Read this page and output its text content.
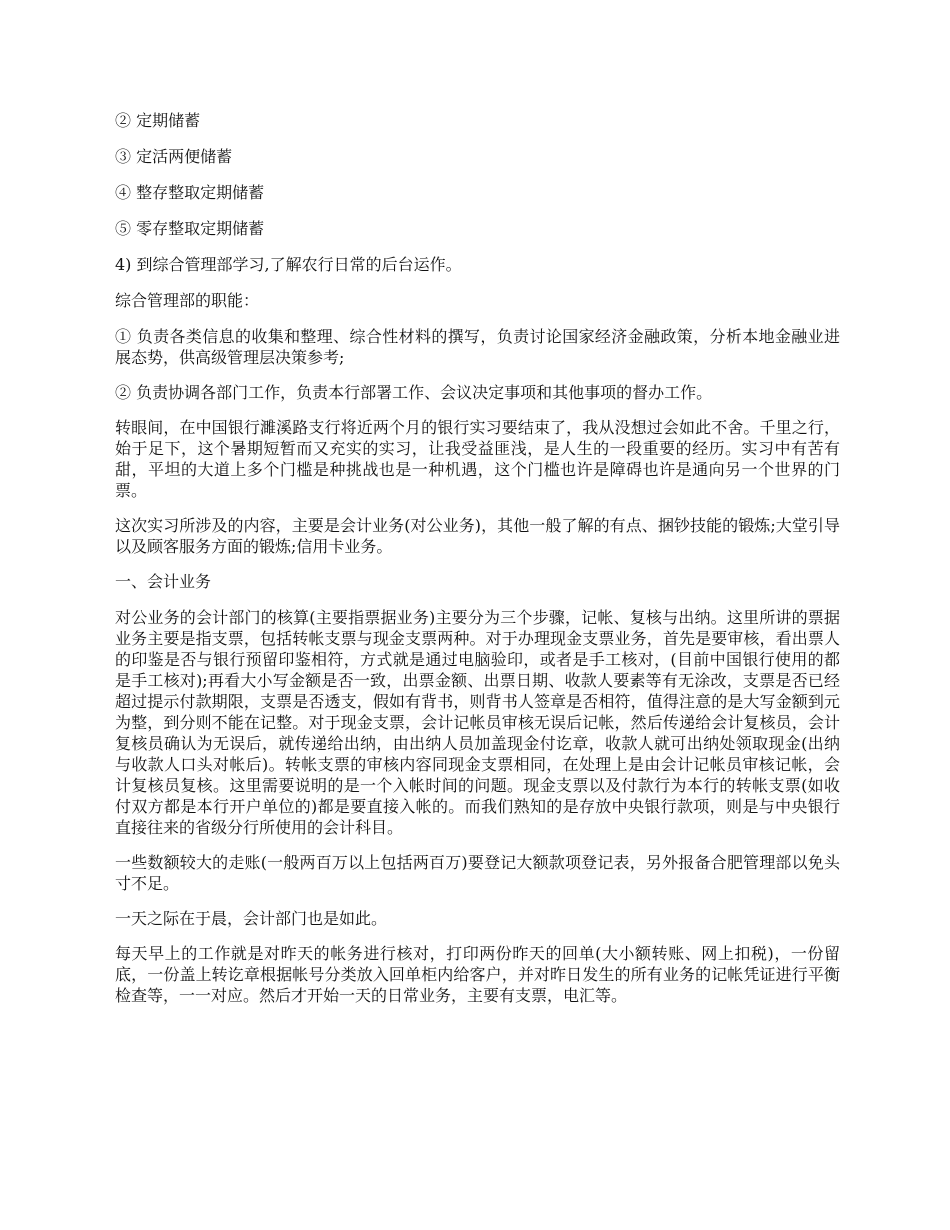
② 定期储蓄

③ 定活两便储蓄

④ 整存整取定期储蓄

⑤ 零存整取定期储蓄

4) 到综合管理部学习,了解农行日常的后台运作。

综合管理部的职能：

① 负责各类信息的收集和整理、综合性材料的撰写，负责讨论国家经济金融政策，分析本地金融业进展态势，供高级管理层决策参考;

② 负责协调各部门工作，负责本行部署工作、会议决定事项和其他事项的督办工作。

转眼间，在中国银行濉溪路支行将近两个月的银行实习要结束了，我从没想过会如此不舍。千里之行，始于足下，这个暑期短暂而又充实的实习，让我受益匪浅，是人生的一段重要的经历。实习中有苦有甜，平坦的大道上多个门槛是种挑战也是一种机遇，这个门槛也许是障碍也许是通向另一个世界的门票。

这次实习所涉及的内容，主要是会计业务(对公业务)，其他一般了解的有点、捆钞技能的锻炼;大堂引导以及顾客服务方面的锻炼;信用卡业务。

一、会计业务

对公业务的会计部门的核算(主要指票据业务)主要分为三个步骤，记帐、复核与出纳。这里所讲的票据业务主要是指支票，包括转帐支票与现金支票两种。对于办理现金支票业务，首先是要审核，看出票人的印鉴是否与银行预留印鉴相符，方式就是通过电脑验印，或者是手工核对，(目前中国银行使用的都是手工核对);再看大小写金额是否一致，出票金额、出票日期、收款人要素等有无涂改，支票是否已经超过提示付款期限，支票是否透支，假如有背书，则背书人签章是否相符，值得注意的是大写金额到元为整，到分则不能在记整。对于现金支票，会计记帐员审核无误后记帐，然后传递给会计复核员，会计复核员确认为无误后，就传递给出纳，由出纳人员加盖现金付讫章，收款人就可出纳处领取现金(出纳与收款人口头对帐后)。转帐支票的审核内容同现金支票相同，在处理上是由会计记帐员审核记帐，会计复核员复核。这里需要说明的是一个入帐时间的问题。现金支票以及付款行为本行的转帐支票(如收付双方都是本行开户单位的)都是要直接入帐的。而我们熟知的是存放中央银行款项，则是与中央银行直接往来的省级分行所使用的会计科目。

一些数额较大的走账(一般两百万以上包括两百万)要登记大额款项登记表，另外报备合肥管理部以免头寸不足。

一天之际在于晨，会计部门也是如此。

每天早上的工作就是对昨天的帐务进行核对，打印两份昨天的回单(大小额转账、网上扣税)，一份留底，一份盖上转讫章根据帐号分类放入回单柜内给客户，并对昨日发生的所有业务的记帐凭证进行平衡检查等，一一对应。然后才开始一天的日常业务，主要有支票，电汇等。
